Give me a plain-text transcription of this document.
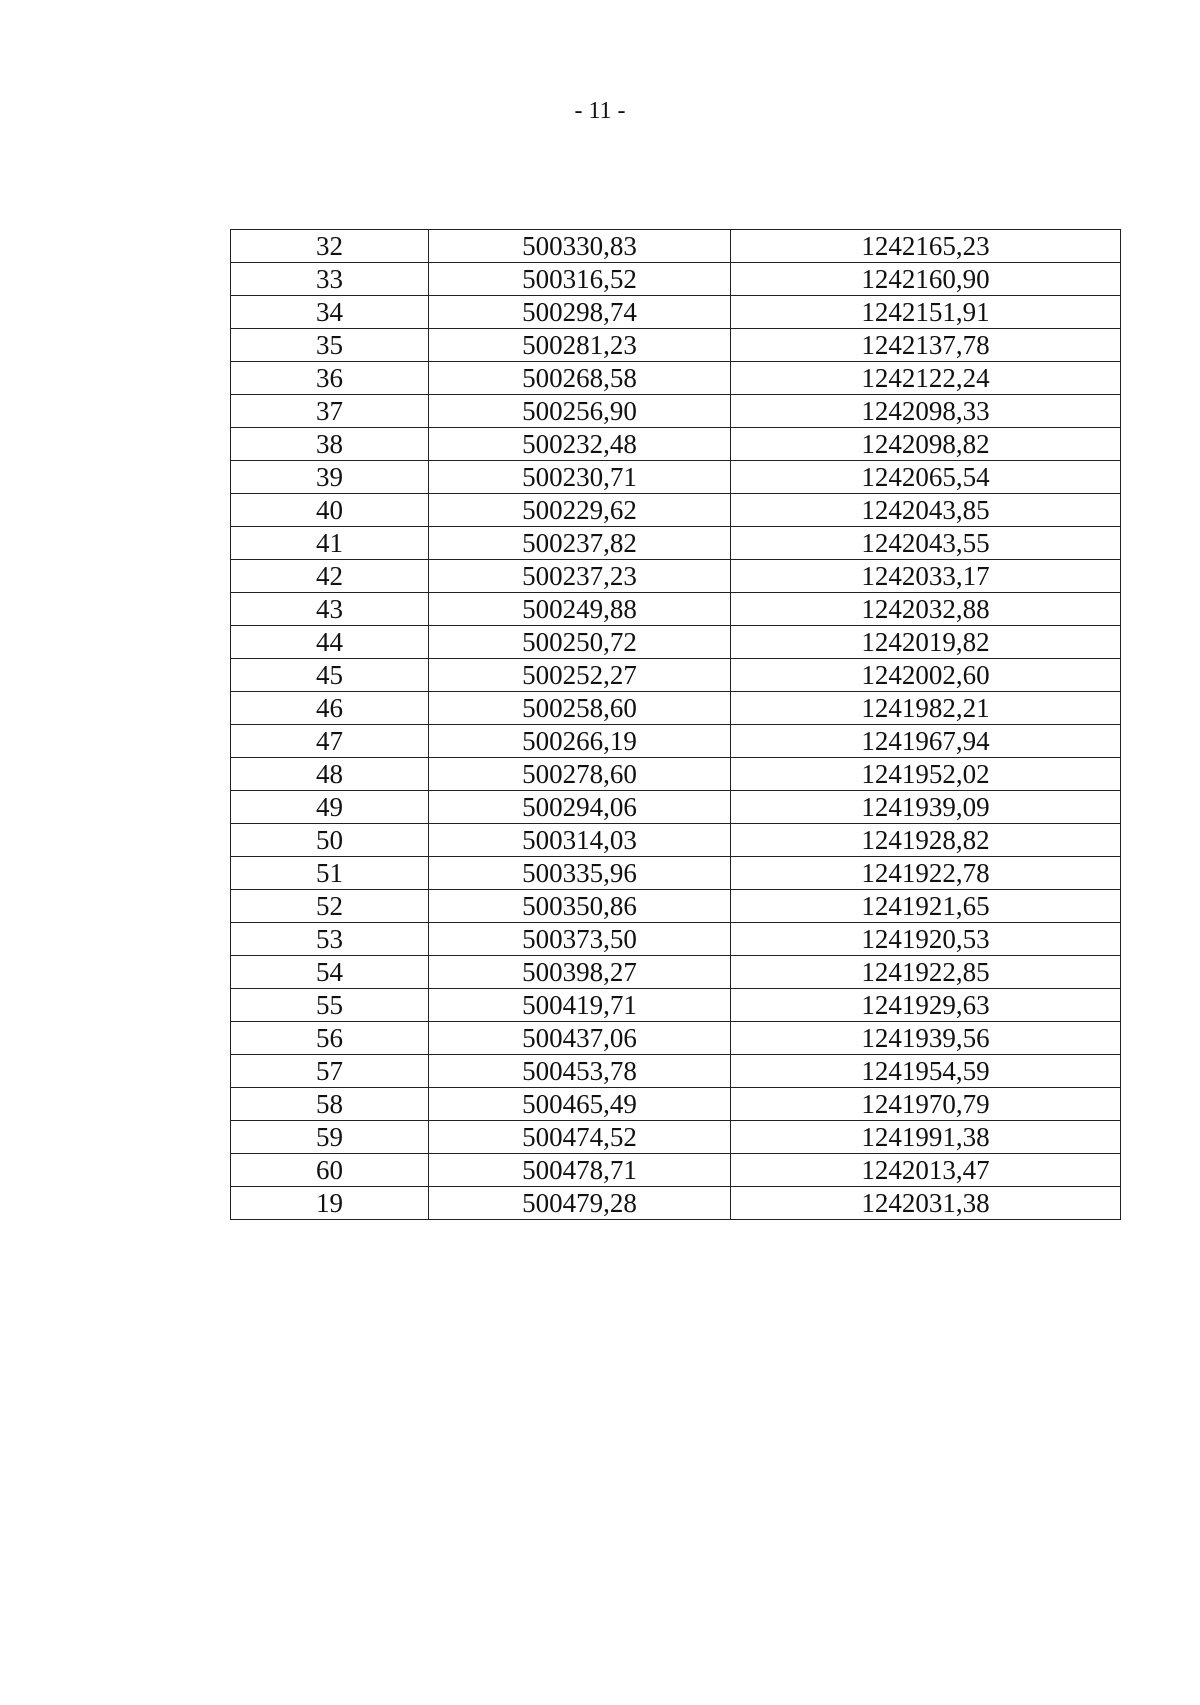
- 11 -
32	500330,83	1242165,23
33	500316,52	1242160,90
34	500298,74	1242151,91
35	500281,23	1242137,78
36	500268,58	1242122,24
37	500256,90	1242098,33
38	500232,48	1242098,82
39	500230,71	1242065,54
40	500229,62	1242043,85
41	500237,82	1242043,55
42	500237,23	1242033,17
43	500249,88	1242032,88
44	500250,72	1242019,82
45	500252,27	1242002,60
46	500258,60	1241982,21
47	500266,19	1241967,94
48	500278,60	1241952,02
49	500294,06	1241939,09
50	500314,03	1241928,82
51	500335,96	1241922,78
52	500350,86	1241921,65
53	500373,50	1241920,53
54	500398,27	1241922,85
55	500419,71	1241929,63
56	500437,06	1241939,56
57	500453,78	1241954,59
58	500465,49	1241970,79
59	500474,52	1241991,38
60	500478,71	1242013,47
19	500479,28	1242031,38
